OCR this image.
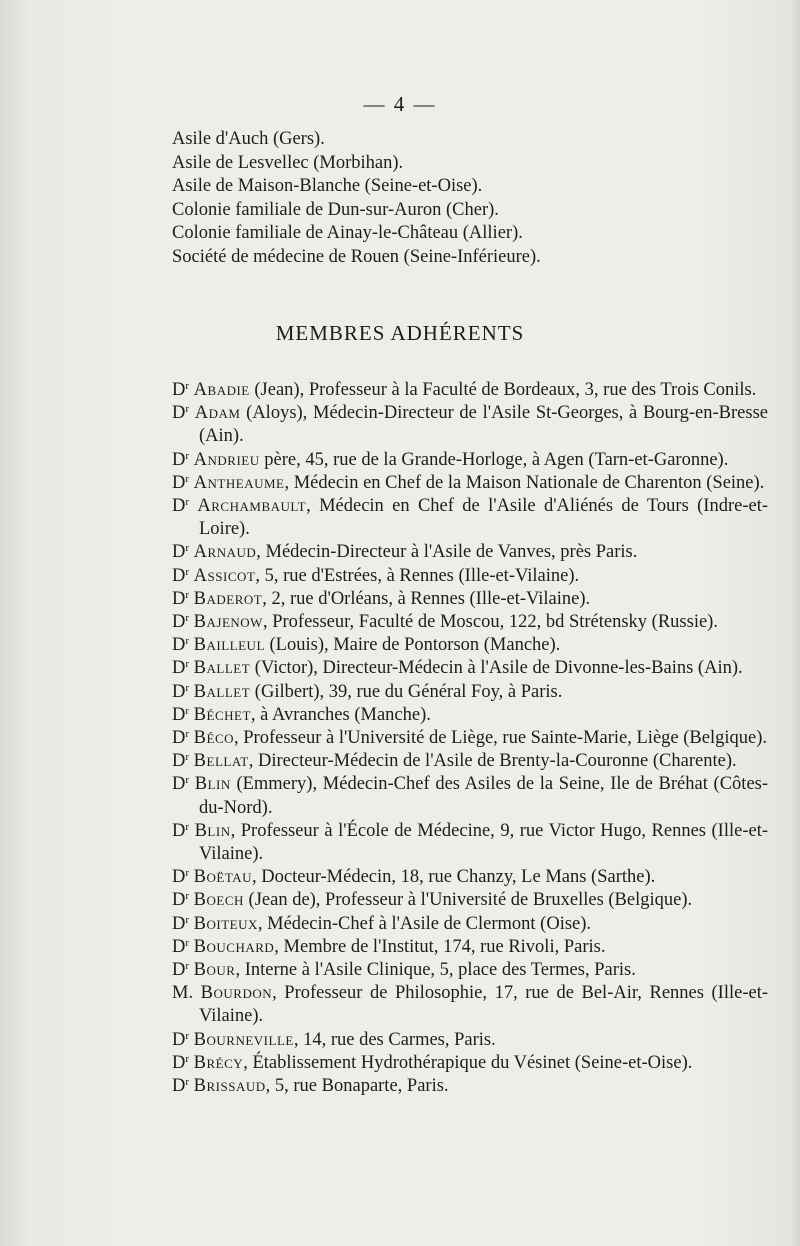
— 4 —
Asile d'Auch (Gers).
Asile de Lesvellec (Morbihan).
Asile de Maison-Blanche (Seine-et-Oise).
Colonie familiale de Dun-sur-Auron (Cher).
Colonie familiale de Ainay-le-Château (Allier).
Société de médecine de Rouen (Seine-Inférieure).
MEMBRES ADHÉRENTS
$D^r$ Abadie (Jean), Professeur à la Faculté de Bordeaux, 3, rue des Trois Conils.
$D^r$ Adam (Aloys), Médecin-Directeur de l'Asile St-Georges, à Bourg-en-Bresse (Ain).
$D^r$ Andrieu père, 45, rue de la Grande-Horloge, à Agen (Tarn-et-Garonne).
$D^r$ Antheaume, Médecin en Chef de la Maison Nationale de Charenton (Seine).
$D^r$ Archambault, Médecin en Chef de l'Asile d'Aliénés de Tours (Indre-et-Loire).
$D^r$ Arnaud, Médecin-Directeur à l'Asile de Vanves, près Paris.
$D^r$ Assicot, 5, rue d'Estrées, à Rennes (Ille-et-Vilaine).
$D^r$ Baderot, 2, rue d'Orléans, à Rennes (Ille-et-Vilaine).
$D^r$ Bajenow, Professeur, Faculté de Moscou, 122, bd Strétensky (Russie).
$D^r$ Bailleul (Louis), Maire de Pontorson (Manche).
$D^r$ Ballet (Victor), Directeur-Médecin à l'Asile de Divonne-les-Bains (Ain).
$D^r$ Ballet (Gilbert), 39, rue du Général Foy, à Paris.
$D^r$ Béchet, à Avranches (Manche).
$D^r$ Béco, Professeur à l'Université de Liège, rue Sainte-Marie, Liège (Belgique).
$D^r$ Bellat, Directeur-Médecin de l'Asile de Brenty-la-Couronne (Charente).
$D^r$ Blin (Emmery), Médecin-Chef des Asiles de la Seine, Ile de Bréhat (Côtes-du-Nord).
$D^r$ Blin, Professeur à l'École de Médecine, 9, rue Victor Hugo, Rennes (Ille-et-Vilaine).
$D^r$ Boëtau, Docteur-Médecin, 18, rue Chanzy, Le Mans (Sarthe).
$D^r$ Boech (Jean de), Professeur à l'Université de Bruxelles (Belgique).
$D^r$ Boiteux, Médecin-Chef à l'Asile de Clermont (Oise).
$D^r$ Bouchard, Membre de l'Institut, 174, rue Rivoli, Paris.
$D^r$ Bour, Interne à l'Asile Clinique, 5, place des Termes, Paris.
M. Bourdon, Professeur de Philosophie, 17, rue de Bel-Air, Rennes (Ille-et-Vilaine).
$D^r$ Bourneville, 14, rue des Carmes, Paris.
$D^r$ Brécy, Établissement Hydrothérapique du Vésinet (Seine-et-Oise).
$D^r$ Brissaud, 5, rue Bonaparte, Paris.
